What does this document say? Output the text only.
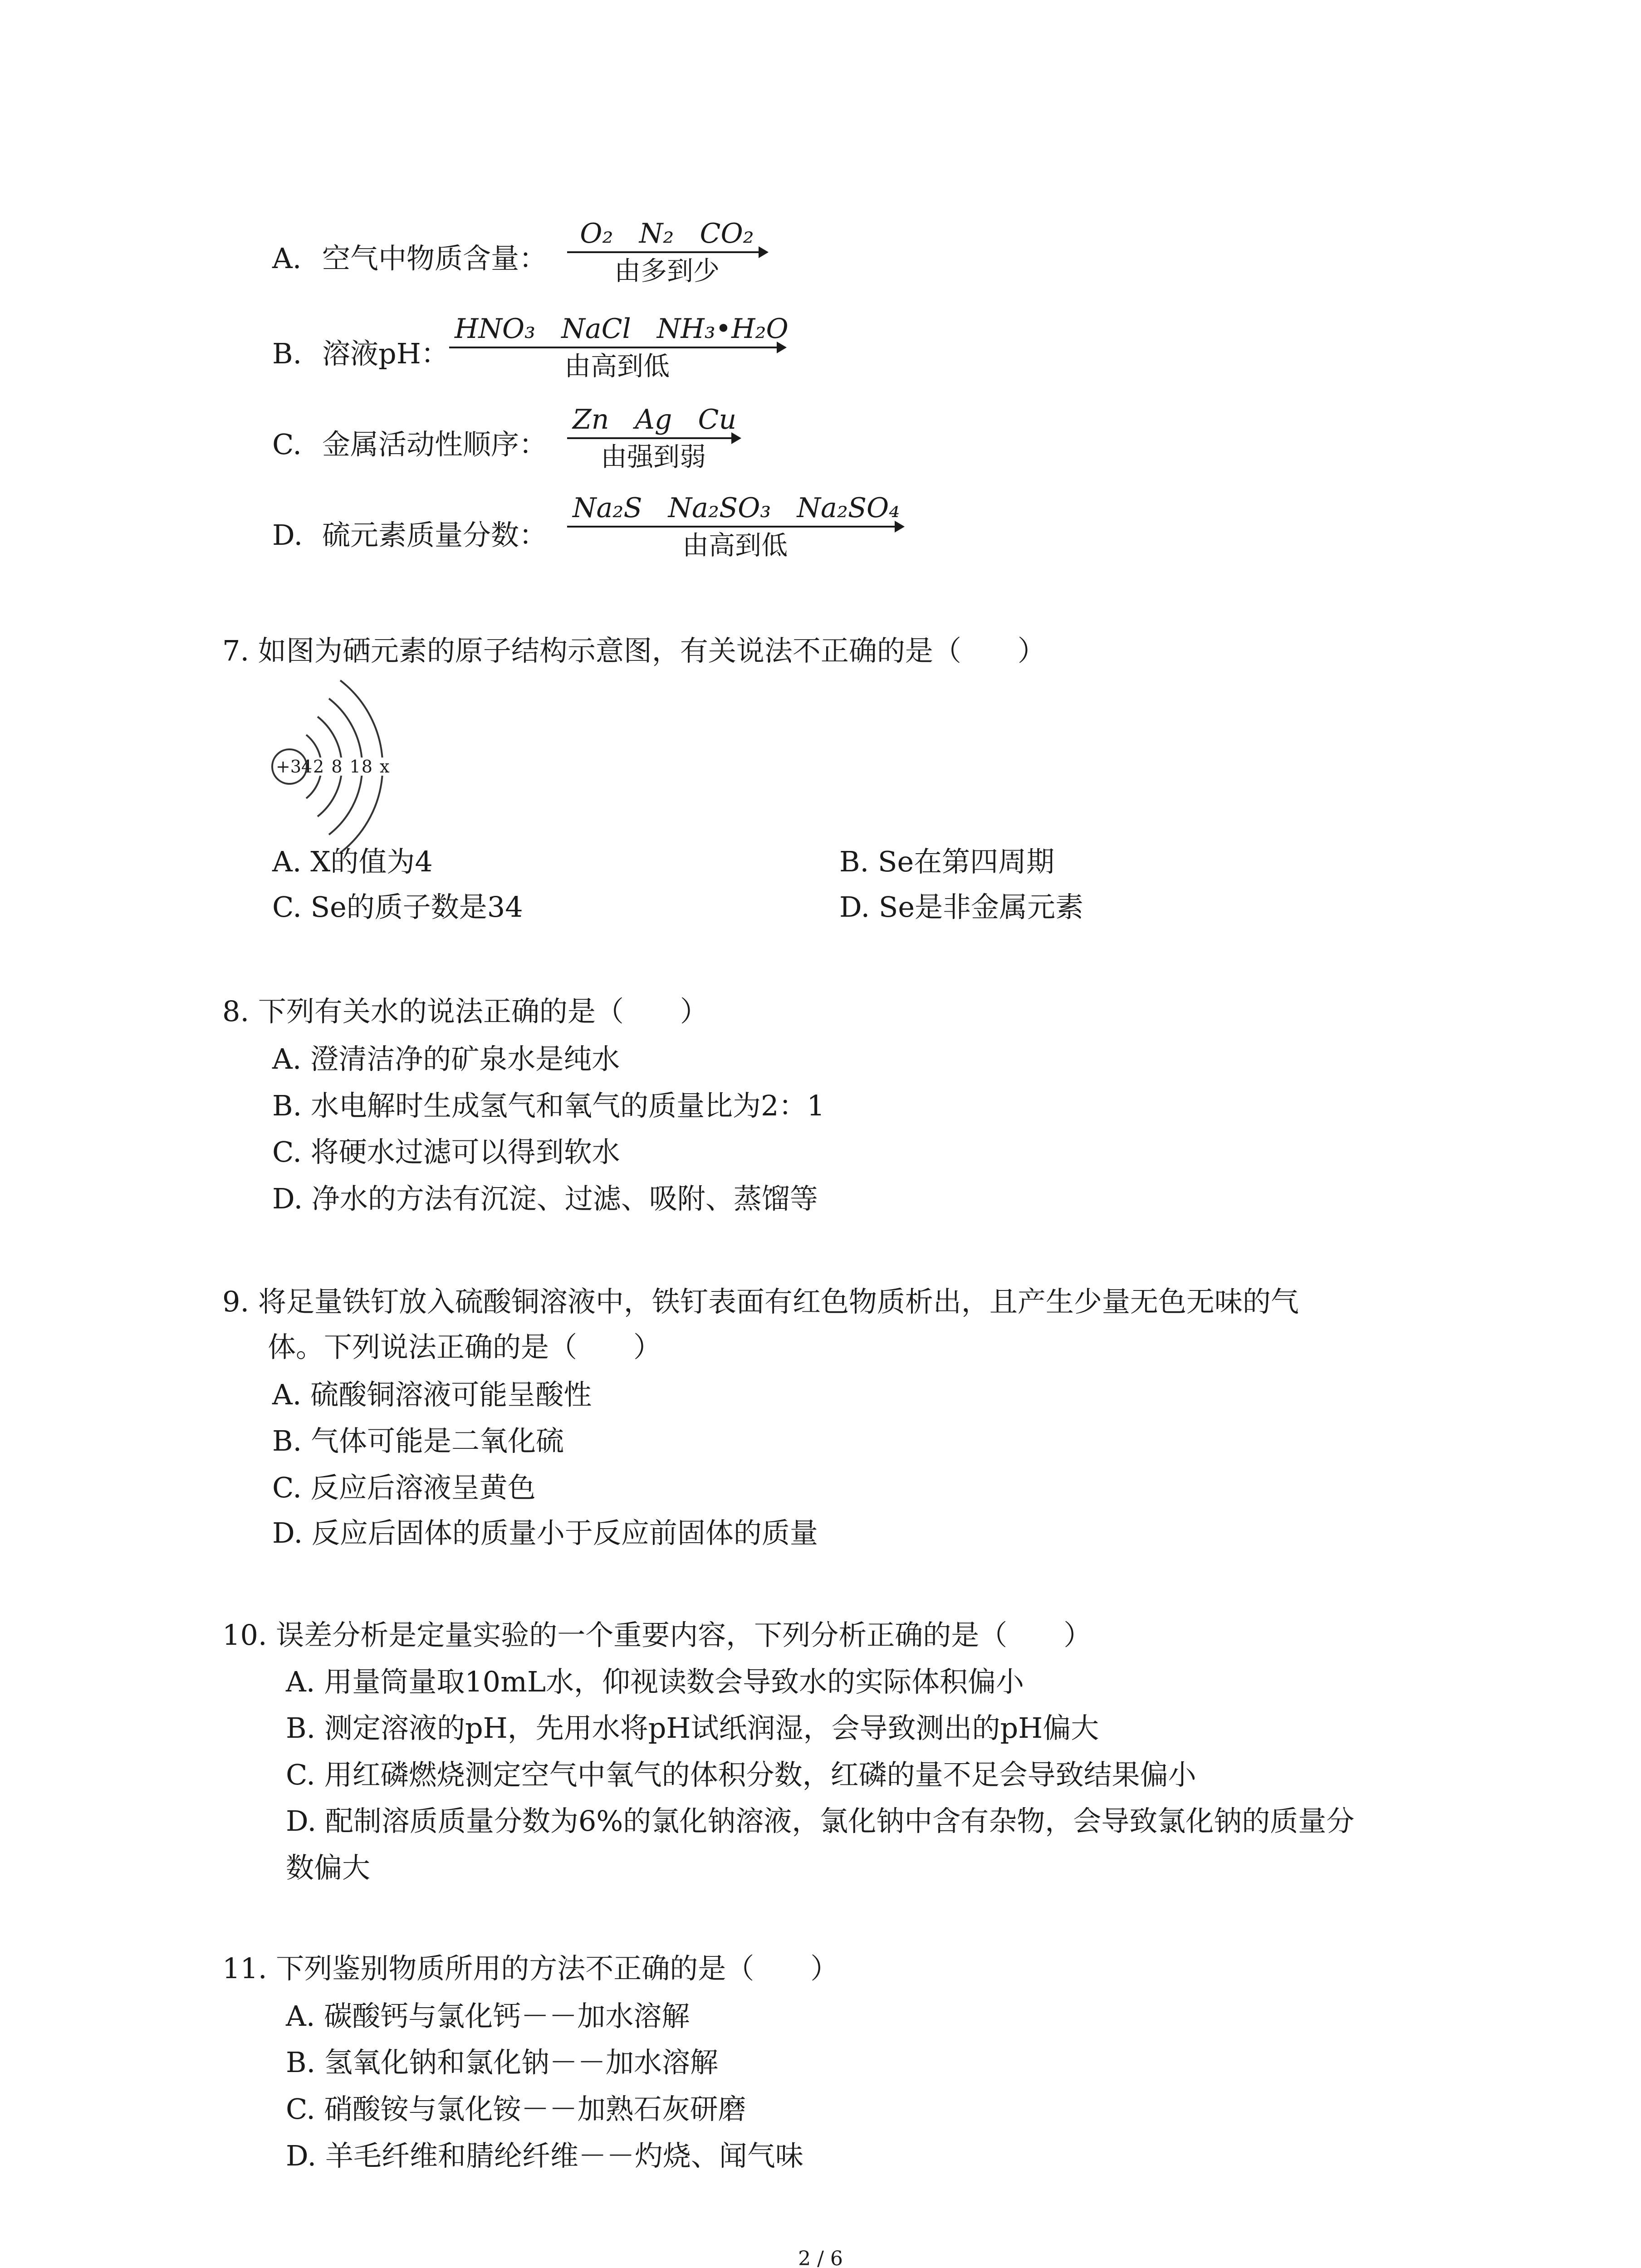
A. 空气中物质含量：
O₂ N₂ CO₂
由多到少
B. 溶液pH：
HNO₃ NaCl NH₃•H₂O
由高到低
C. 金属活动性顺序：
Zn Ag Cu
由强到弱
D. 硫元素质量分数：
Na₂S Na₂SO₃ Na₂SO₄
由高到低
7. 如图为硒元素的原子结构示意图，有关说法不正确的是（　　）
+34 2 8 18 x
A. X的值为4	B. Se在第四周期
C. Se的质子数是34	D. Se是非金属元素
8. 下列有关水的说法正确的是（　　）
A. 澄清洁净的矿泉水是纯水
B. 水电解时生成氢气和氧气的质量比为2：1
C. 将硬水过滤可以得到软水
D. 净水的方法有沉淀、过滤、吸附、蒸馏等
9. 将足量铁钉放入硫酸铜溶液中，铁钉表面有红色物质析出，且产生少量无色无味的气
体。下列说法正确的是（　　）
A. 硫酸铜溶液可能呈酸性
B. 气体可能是二氧化硫
C. 反应后溶液呈黄色
D. 反应后固体的质量小于反应前固体的质量
10. 误差分析是定量实验的一个重要内容，下列分析正确的是（　　）
A. 用量筒量取10mL水，仰视读数会导致水的实际体积偏小
B. 测定溶液的pH，先用水将pH试纸润湿，会导致测出的pH偏大
C. 用红磷燃烧测定空气中氧气的体积分数，红磷的量不足会导致结果偏小
D. 配制溶质质量分数为6%的氯化钠溶液，氯化钠中含有杂物，会导致氯化钠的质量分
数偏大
11. 下列鉴别物质所用的方法不正确的是（　　）
A. 碳酸钙与氯化钙－－加水溶解
B. 氢氧化钠和氯化钠－－加水溶解
C. 硝酸铵与氯化铵－－加熟石灰研磨
D. 羊毛纤维和腈纶纤维－－灼烧、闻气味
2 / 6
